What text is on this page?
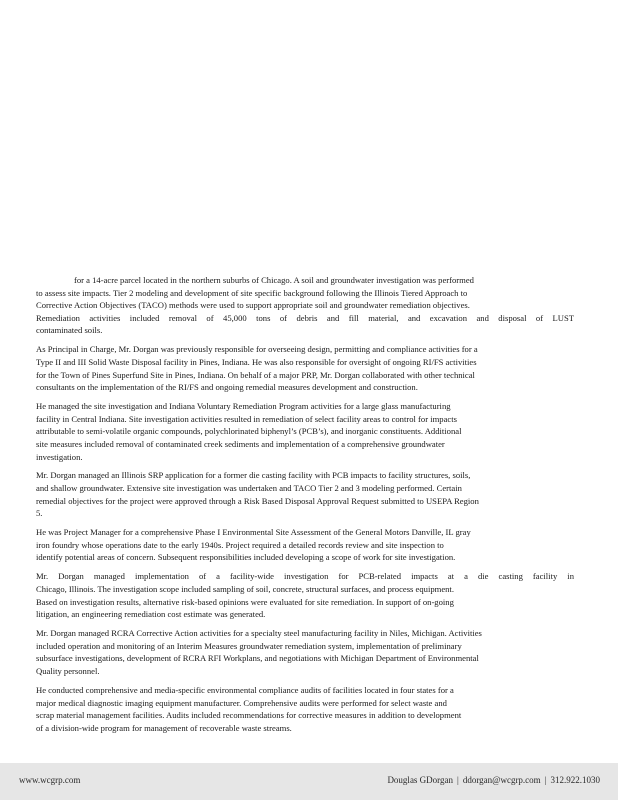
for a 14-acre parcel located in the northern suburbs of Chicago. A soil and groundwater investigation was performed
to assess site impacts. Tier 2 modeling and development of site specific background following the Illinois Tiered Approach to
Corrective Action Objectives (TACO) methods were used to support appropriate soil and groundwater remediation objectives.
Remediation activities included removal of 45,000 tons of debris and fill material, and excavation and disposal of LUST
contaminated soils.

As Principal in Charge, Mr. Dorgan was previously responsible for overseeing design, permitting and compliance activities for a
Type II and III Solid Waste Disposal facility in Pines, Indiana. He was also responsible for oversight of ongoing RI/FS activities
for the Town of Pines Superfund Site in Pines, Indiana. On behalf of a major PRP, Mr. Dorgan collaborated with other technical
consultants on the implementation of the RI/FS and ongoing remedial measures development and construction.

He managed the site investigation and Indiana Voluntary Remediation Program activities for a large glass manufacturing
facility in Central Indiana. Site investigation activities resulted in remediation of select facility areas to control for impacts
attributable to semi-volatile organic compounds, polychlorinated biphenyl’s (PCB’s), and inorganic constituents. Additional
site measures included removal of contaminated creek sediments and implementation of a comprehensive groundwater
investigation.

Mr. Dorgan managed an Illinois SRP application for a former die casting facility with PCB impacts to facility structures, soils,
and shallow groundwater. Extensive site investigation was undertaken and TACO Tier 2 and 3 modeling performed. Certain
remedial objectives for the project were approved through a Risk Based Disposal Approval Request submitted to USEPA Region
5.

He was Project Manager for a comprehensive Phase I Environmental Site Assessment of the General Motors Danville, IL gray
iron foundry whose operations date to the early 1940s. Project required a detailed records review and site inspection to
identify potential areas of concern. Subsequent responsibilities included developing a scope of work for site investigation.

Mr. Dorgan managed implementation of a facility-wide investigation for PCB-related impacts at a die casting facility in
Chicago, Illinois. The investigation scope included sampling of soil, concrete, structural surfaces, and process equipment.
Based on investigation results, alternative risk-based opinions were evaluated for site remediation. In support of on-going
litigation, an engineering remediation cost estimate was generated.

Mr. Dorgan managed RCRA Corrective Action activities for a specialty steel manufacturing facility in Niles, Michigan. Activities
included operation and monitoring of an Interim Measures groundwater remediation system, implementation of preliminary
subsurface investigations, development of RCRA RFI Workplans, and negotiations with Michigan Department of Environmental
Quality personnel.

He conducted comprehensive and media-specific environmental compliance audits of facilities located in four states for a
major medical diagnostic imaging equipment manufacturer. Comprehensive audits were performed for select waste and
scrap material management facilities. Audits included recommendations for corrective measures in addition to development
of a division-wide program for management of recoverable waste streams.

www.wcgrp.com	Douglas GDorgan | ddorgan@wcgrp.com | 312.922.1030
